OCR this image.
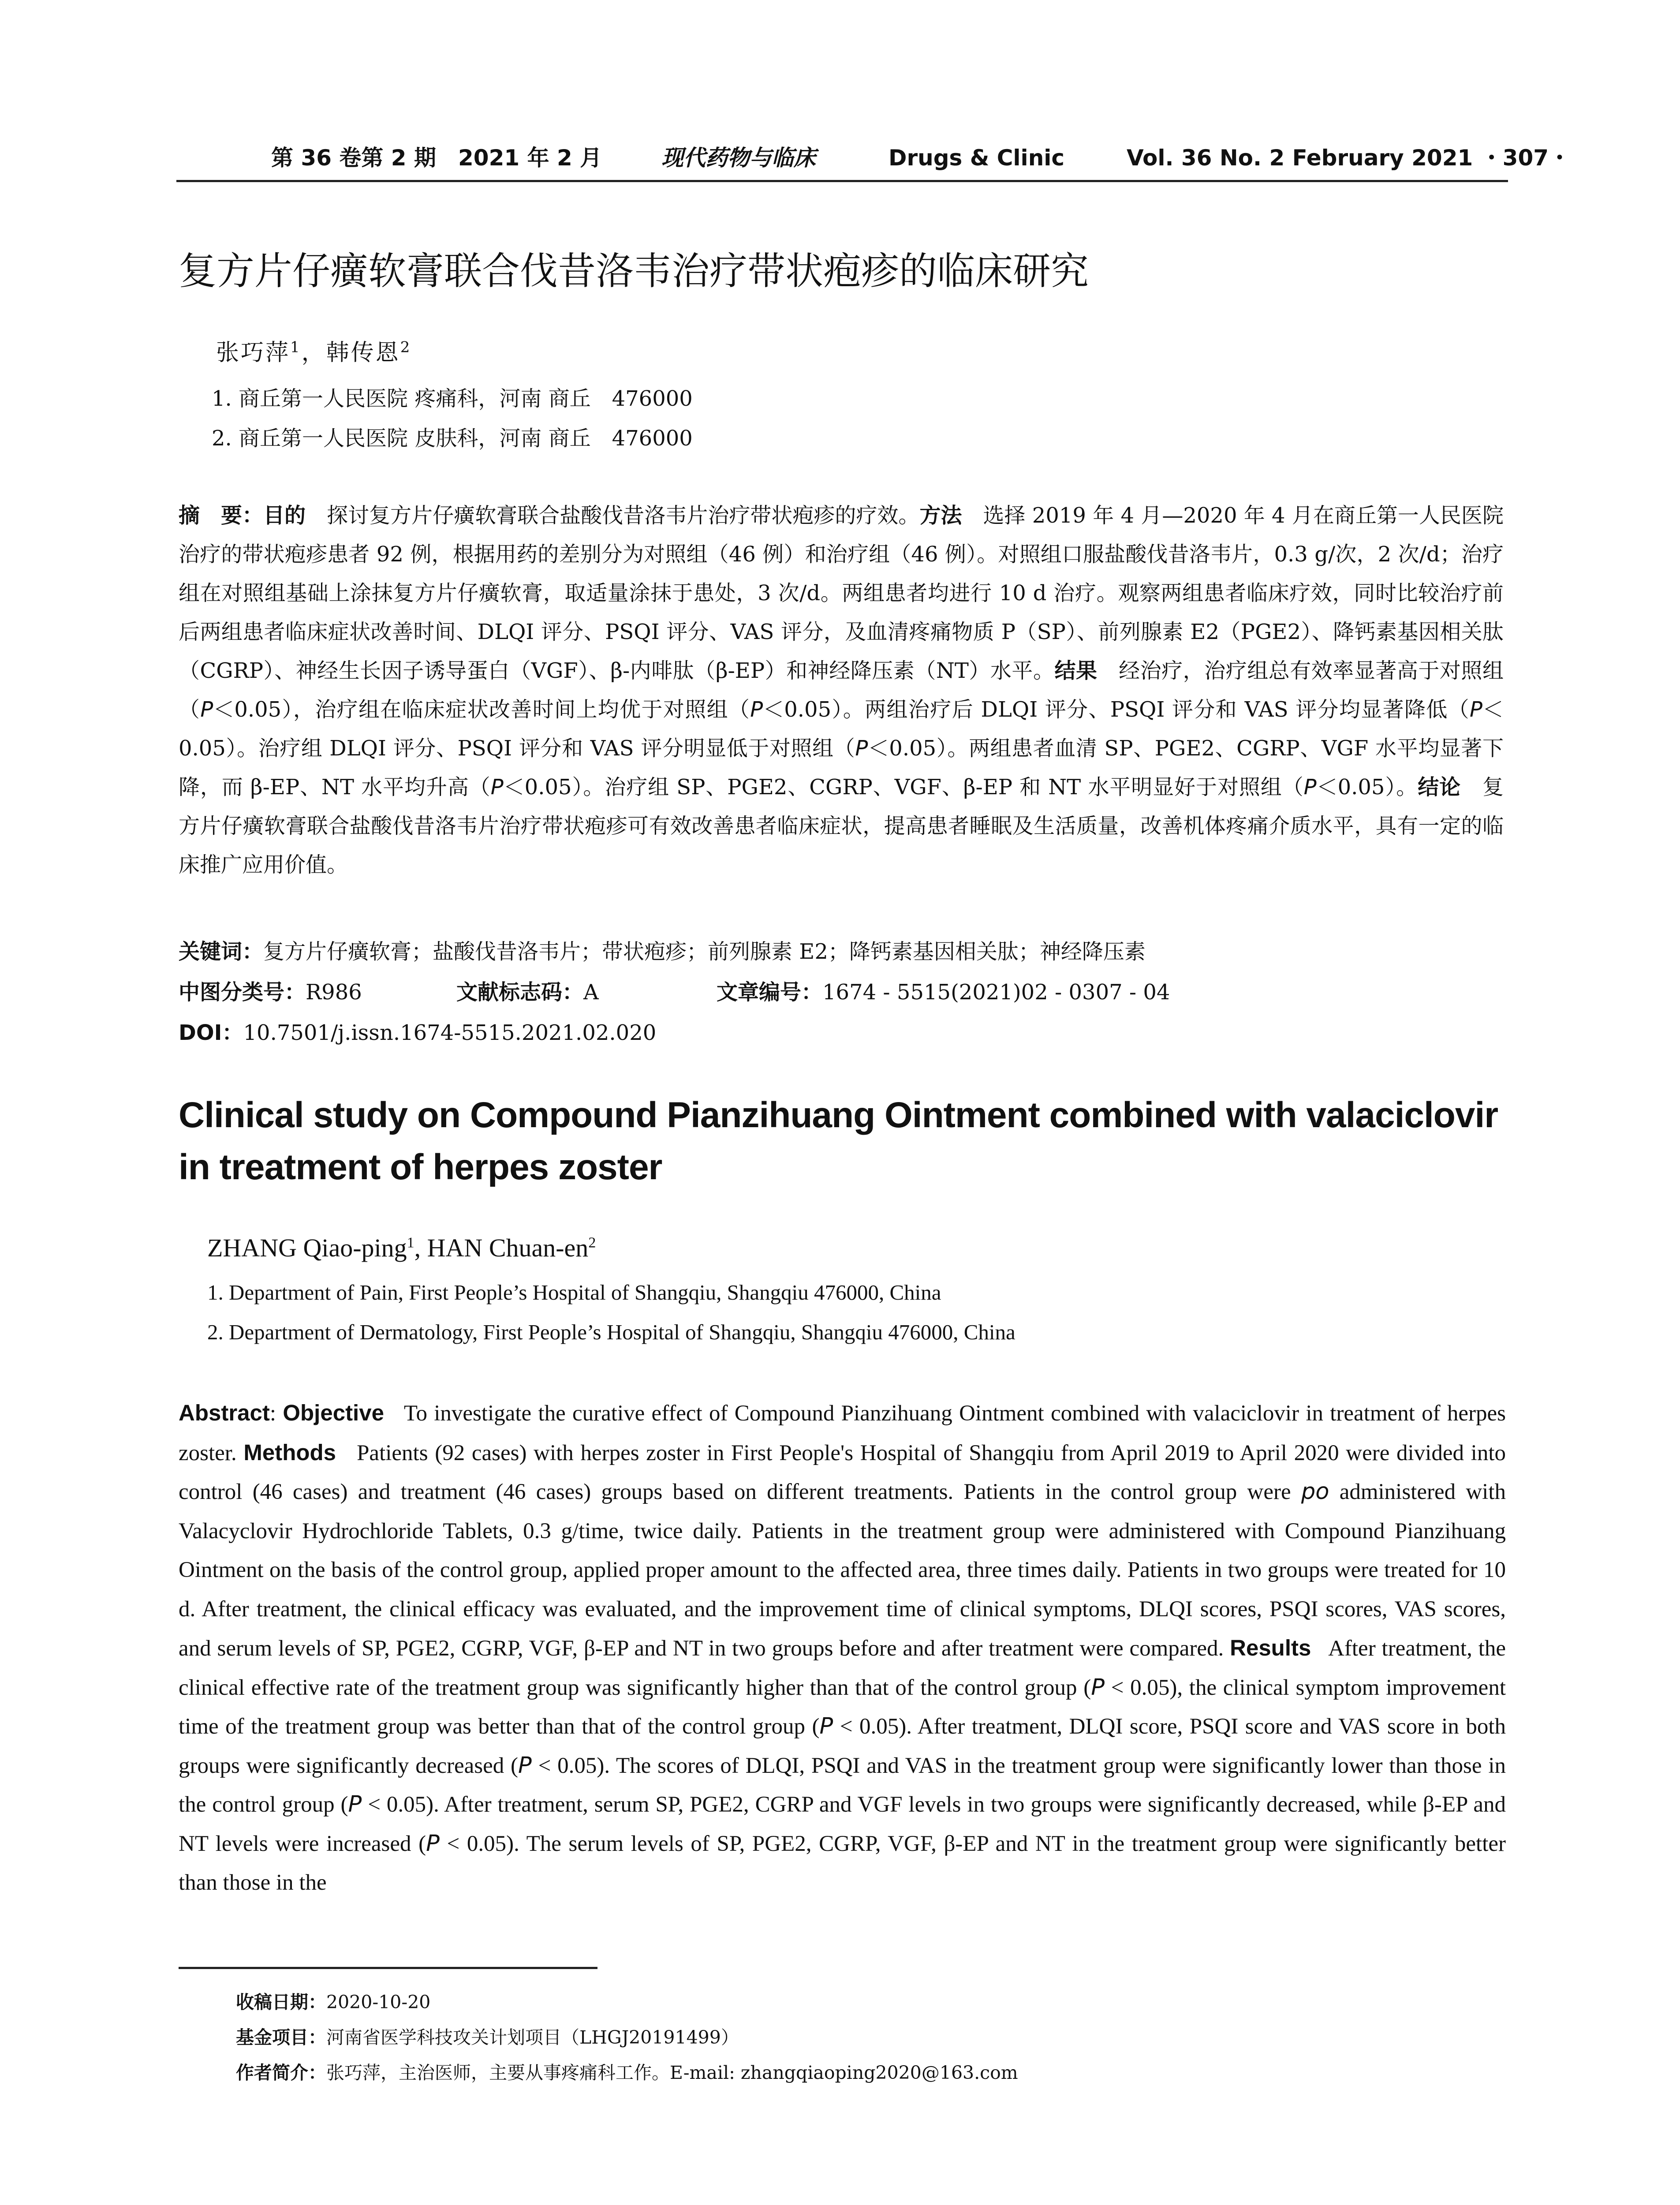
第 36 卷第 2 期　2021 年 2 月	现代药物与临床	Drugs & Clinic	Vol. 36 No. 2 February 2021 ・307・
复方片仔癀软膏联合伐昔洛韦治疗带状疱疹的临床研究
张巧萍$^1$，韩传恩$^2$
1. 商丘第一人民医院 疼痛科，河南 商丘　476000
2. 商丘第一人民医院 皮肤科，河南 商丘　476000
摘　要：目的　 探讨复方片仔癀软膏联合盐酸伐昔洛韦片治疗带状疱疹的疗效。方法　 选择 2019 年 4 月—2020 年 4 月在商丘第一人民医院治疗的带状疱疹患者 92 例，根据用药的差别分为对照组（46 例）和治疗组（46 例）。对照组口服盐酸伐昔洛韦片，0.3 g/次，2 次/d；治疗组在对照组基础上涂抹复方片仔癀软膏，取适量涂抹于患处，3 次/d。两组患者均进行 10 d 治疗。观察两组患者临床疗效，同时比较治疗前后两组患者临床症状改善时间、DLQI 评分、PSQI 评分、VAS 评分，及血清疼痛物质 P（SP）、前列腺素 E2（PGE2）、降钙素基因相关肽（CGRP）、神经生长因子诱导蛋白（VGF）、β-内啡肽（β-EP）和神经降压素（NT）水平。结果　 经治疗，治疗组总有效率显著高于对照组（P＜0.05），治疗组在临床症状改善时间上均优于对照组（P＜0.05）。两组治疗后 DLQI 评分、PSQI 评分和 VAS 评分均显著降低（P＜0.05）。治疗组 DLQI 评分、PSQI 评分和 VAS 评分明显低于对照组（P＜0.05）。两组患者血清 SP、PGE2、CGRP、VGF 水平均显著下降，而 β-EP、NT 水平均升高（P＜0.05）。治疗组 SP、PGE2、CGRP、VGF、β-EP 和 NT 水平明显好于对照组（P＜0.05）。结论　 复方片仔癀软膏联合盐酸伐昔洛韦片治疗带状疱疹可有效改善患者临床症状，提高患者睡眠及生活质量，改善机体疼痛介质水平，具有一定的临床推广应用价值。
关键词：复方片仔癀软膏；盐酸伐昔洛韦片；带状疱疹；前列腺素 E2；降钙素基因相关肽；神经降压素
中图分类号：R986	文献标志码：A	文章编号：1674 - 5515(2021)02 - 0307 - 04
DOI：10.7501/j.issn.1674-5515.2021.02.020
Clinical study on Compound Pianzihuang Ointment combined with valaciclovir in treatment of herpes zoster
ZHANG Qiao-ping$^1$, HAN Chuan-$en^2$
1. Department of Pain, First People’s Hospital of Shangqiu, Shangqiu 476000, China
2. Department of Dermatology, First People’s Hospital of Shangqiu, Shangqiu 476000, China
Abstract: Objective To investigate the curative effect of Compound Pianzihuang Ointment combined with valaciclovir in treatment of herpes zoster. Methods Patients (92 cases) with herpes zoster in First People's Hospital of Shangqiu from April 2019 to April 2020 were divided into control (46 cases) and treatment (46 cases) groups based on different treatments. Patients in the control group were po administered with Valacyclovir Hydrochloride Tablets, 0.3 g/time, twice daily. Patients in the treatment group were administered with Compound Pianzihuang Ointment on the basis of the control group, applied proper amount to the affected area, three times daily. Patients in two groups were treated for 10 d. After treatment, the clinical efficacy was evaluated, and the improvement time of clinical symptoms, DLQI scores, PSQI scores, VAS scores, and serum levels of SP, PGE2, CGRP, VGF, β-EP and NT in two groups before and after treatment were compared. Results After treatment, the clinical effective rate of the treatment group was significantly higher than that of the control group (P < 0.05), the clinical symptom improvement time of the treatment group was better than that of the control group (P < 0.05). After treatment, DLQI score, PSQI score and VAS score in both groups were significantly decreased (P < 0.05). The scores of DLQI, PSQI and VAS in the treatment group were significantly lower than those in the control group (P < 0.05). After treatment, serum SP, PGE2, CGRP and VGF levels in two groups were significantly decreased, while β-EP and NT levels were increased (P < 0.05). The serum levels of SP, PGE2, CGRP, VGF, β-EP and NT in the treatment group were significantly better than those in the
收稿日期：2020-10-20
基金项目：河南省医学科技攻关计划项目（LHGJ20191499）
作者简介：张巧萍，主治医师，主要从事疼痛科工作。E-mail: zhangqiaoping2020@163.com
